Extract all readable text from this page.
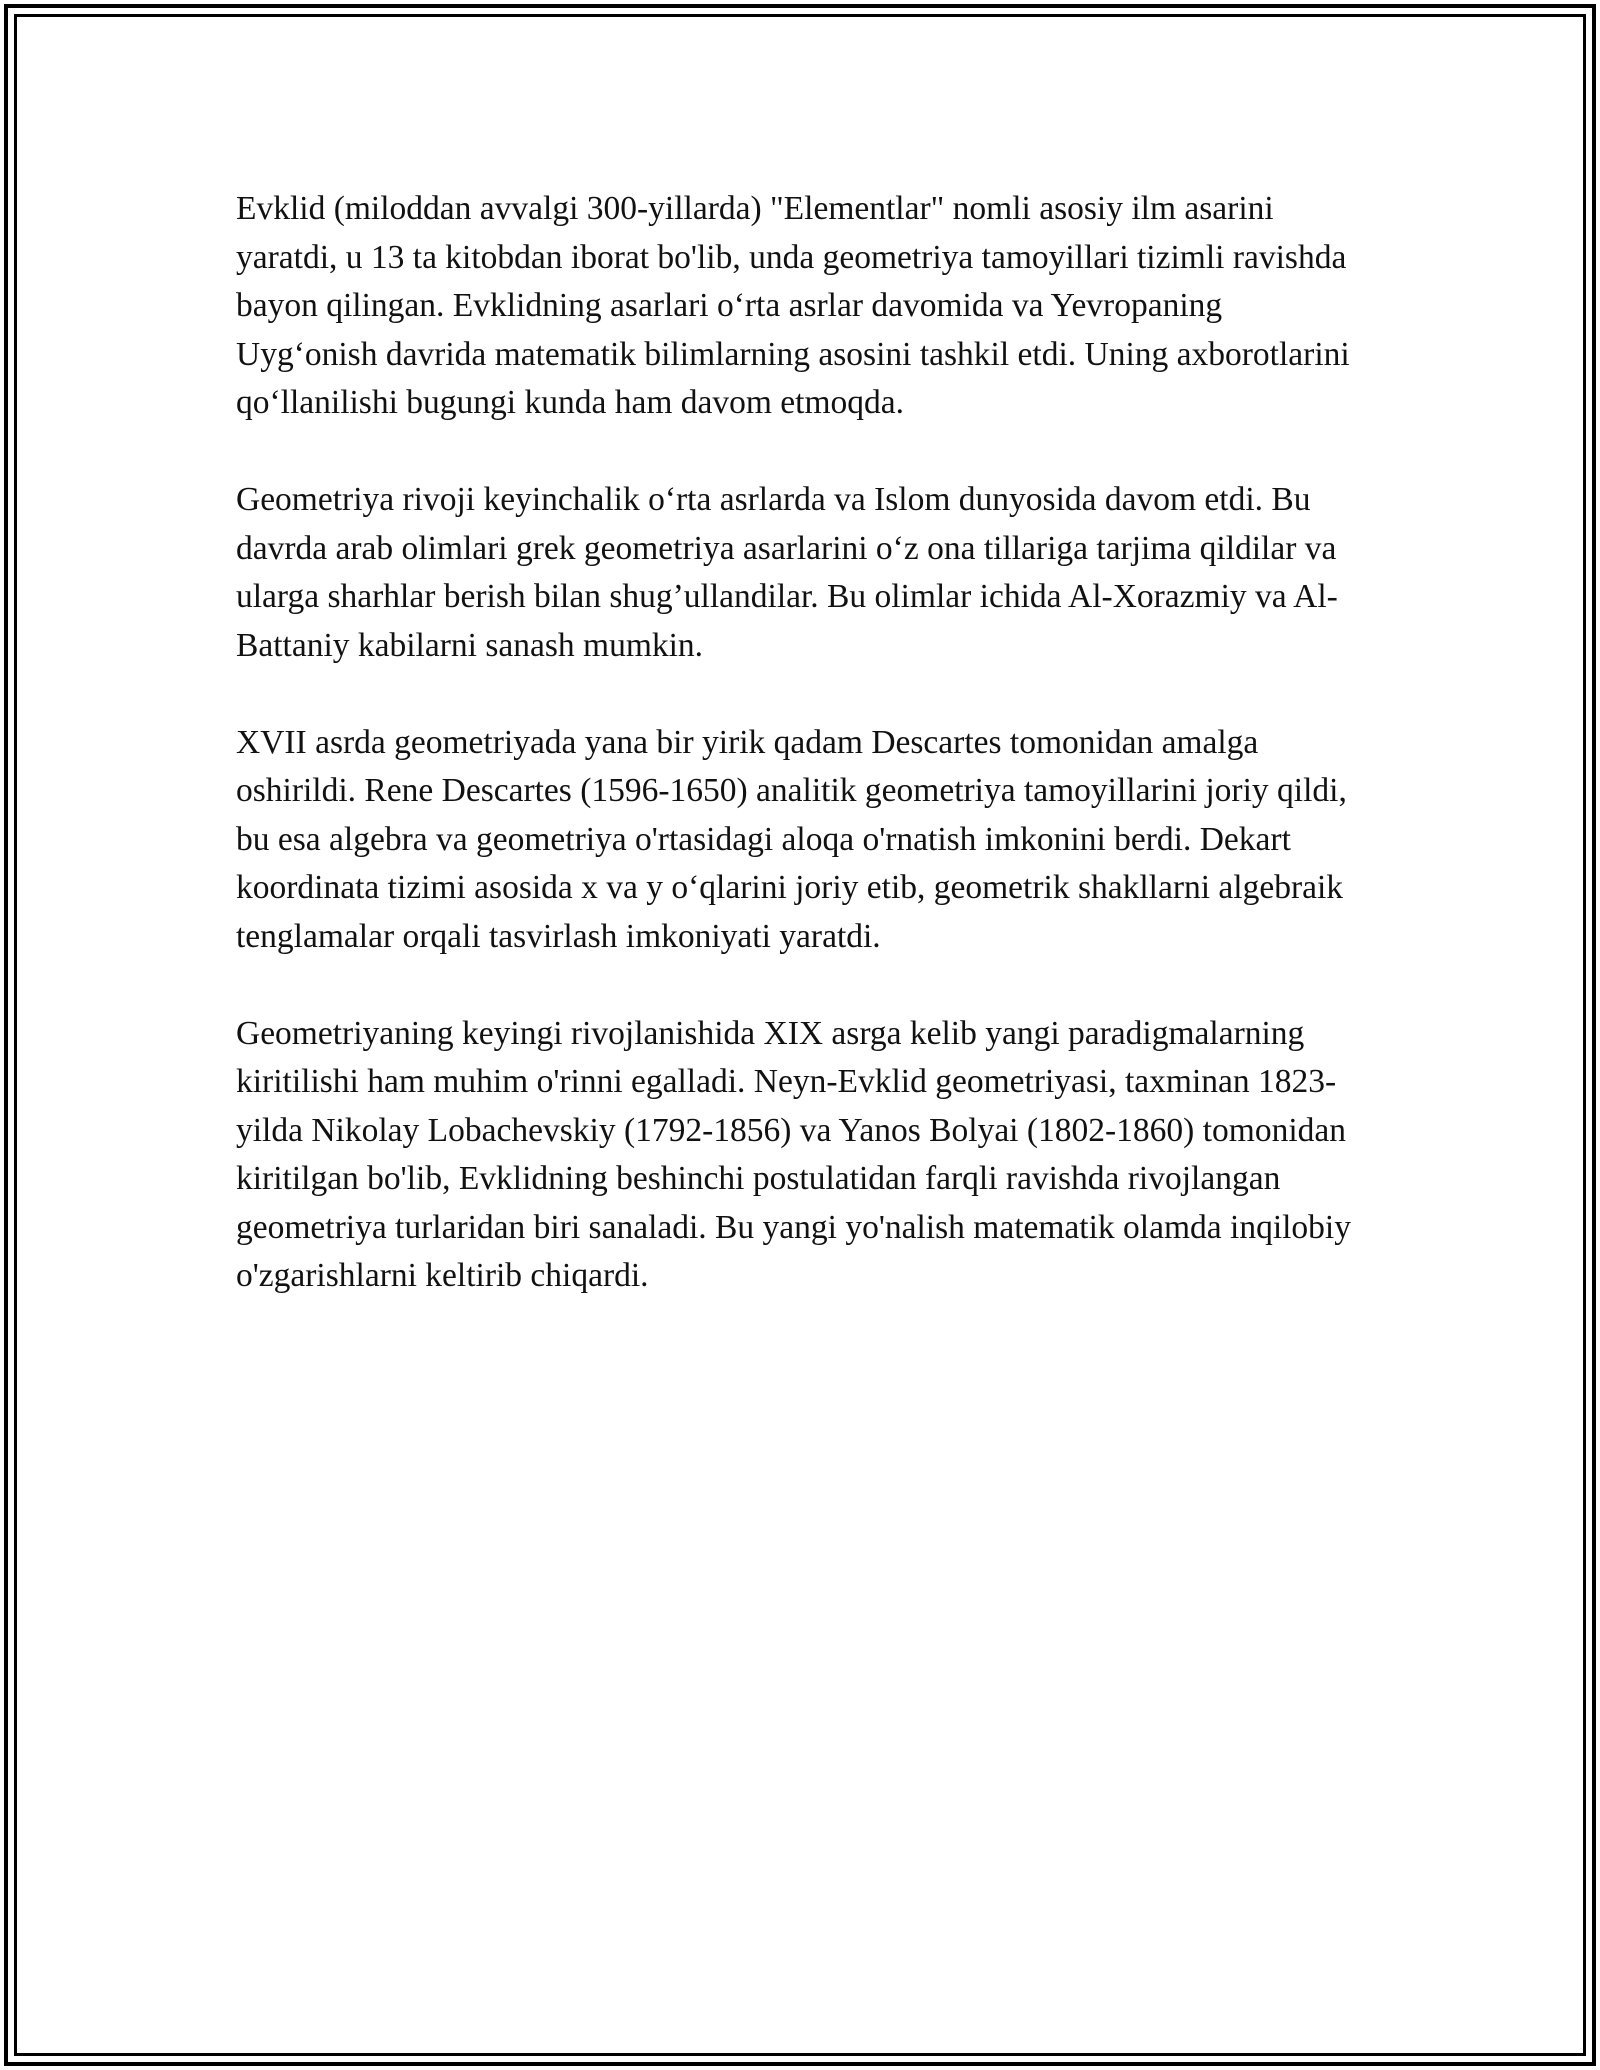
Evklid (miloddan avvalgi 300-yillarda) "Elementlar" nomli asosiy ilm asarini yaratdi, u 13 ta kitobdan iborat bo'lib, unda geometriya tamoyillari tizimli ravishda bayon qilingan. Evklidning asarlari o‘rta asrlar davomida va Yevropaning Uyg‘onish davrida matematik bilimlarning asosini tashkil etdi. Uning axborotlarini qo‘llanilishi bugungi kunda ham davom etmoqda.

Geometriya rivoji keyinchalik o‘rta asrlarda va Islom dunyosida davom etdi. Bu davrda arab olimlari grek geometriya asarlarini o‘z ona tillariga tarjima qildilar va ularga sharhlar berish bilan shug’ullandilar. Bu olimlar ichida Al-Xorazmiy va Al-Battaniy kabilarni sanash mumkin.

XVII asrda geometriyada yana bir yirik qadam Descartes tomonidan amalga oshirildi. Rene Descartes (1596-1650) analitik geometriya tamoyillarini joriy qildi, bu esa algebra va geometriya o'rtasidagi aloqa o'rnatish imkonini berdi. Dekart koordinata tizimi asosida x va y o‘qlarini joriy etib, geometrik shakllarni algebraik tenglamalar orqali tasvirlash imkoniyati yaratdi.

Geometriyaning keyingi rivojlanishida XIX asrga kelib yangi paradigmalarning kiritilishi ham muhim o'rinni egalladi. Neyn-Evklid geometriyasi, taxminan 1823-yilda Nikolay Lobachevskiy (1792-1856) va Yanos Bolyai (1802-1860) tomonidan kiritilgan bo'lib, Evklidning beshinchi postulatidan farqli ravishda rivojlangan geometriya turlaridan biri sanaladi. Bu yangi yo'nalish matematik olamda inqilobiy o'zgarishlarni keltirib chiqardi.
